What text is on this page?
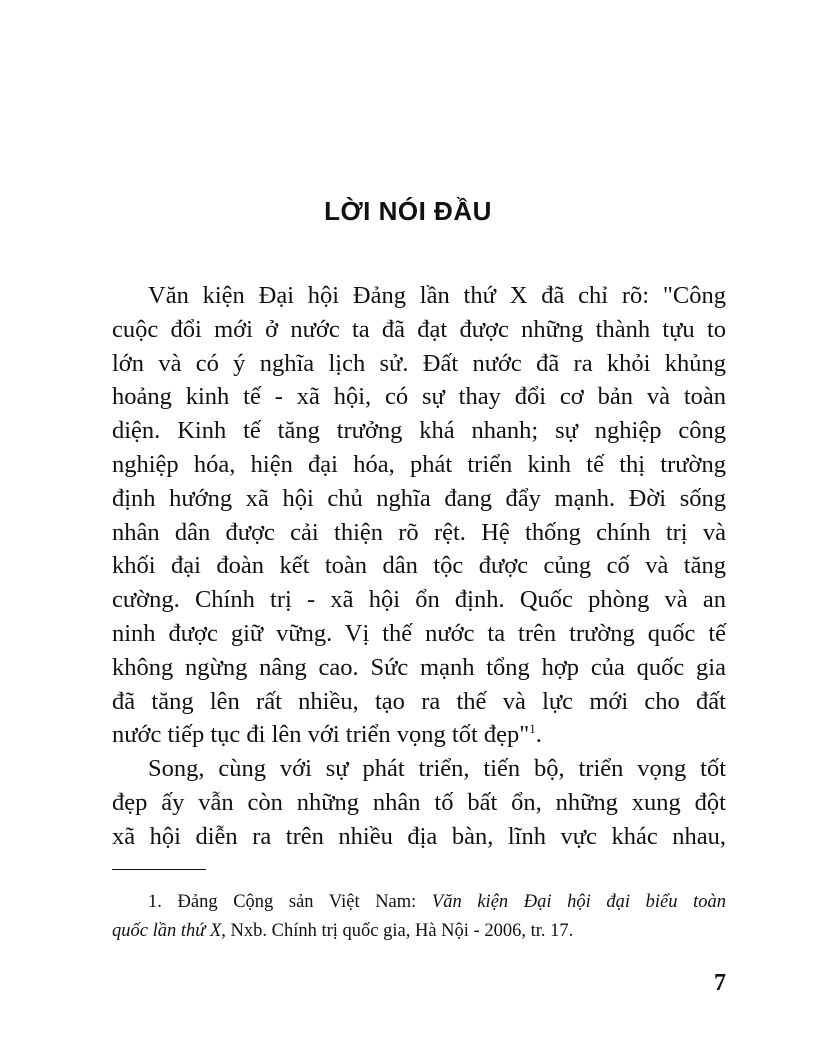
LỜI NÓI ĐẦU
Văn kiện Đại hội Đảng lần thứ X đã chỉ rõ: "Công
cuộc đổi mới ở nước ta đã đạt được những thành tựu to
lớn và có ý nghĩa lịch sử. Đất nước đã ra khỏi khủng
hoảng kinh tế - xã hội, có sự thay đổi cơ bản và toàn
diện. Kinh tế tăng trưởng khá nhanh; sự nghiệp công
nghiệp hóa, hiện đại hóa, phát triển kinh tế thị trường
định hướng xã hội chủ nghĩa đang đẩy mạnh. Đời sống
nhân dân được cải thiện rõ rệt. Hệ thống chính trị và
khối đại đoàn kết toàn dân tộc được củng cố và tăng
cường. Chính trị - xã hội ổn định. Quốc phòng và an
ninh được giữ vững. Vị thế nước ta trên trường quốc tế
không ngừng nâng cao. Sức mạnh tổng hợp của quốc gia
đã tăng lên rất nhiều, tạo ra thế và lực mới cho đất
nước tiếp tục đi lên với triển vọng tốt đẹp"$^1$.
Song, cùng với sự phát triển, tiến bộ, triển vọng tốt
đẹp ấy vẫn còn những nhân tố bất ổn, những xung đột
xã hội diễn ra trên nhiều địa bàn, lĩnh vực khác nhau,
1. Đảng Cộng sản Việt Nam: Văn kiện Đại hội đại biểu toàn
quốc lần thứ X, Nxb. Chính trị quốc gia, Hà Nội - 2006, tr. 17.
7
